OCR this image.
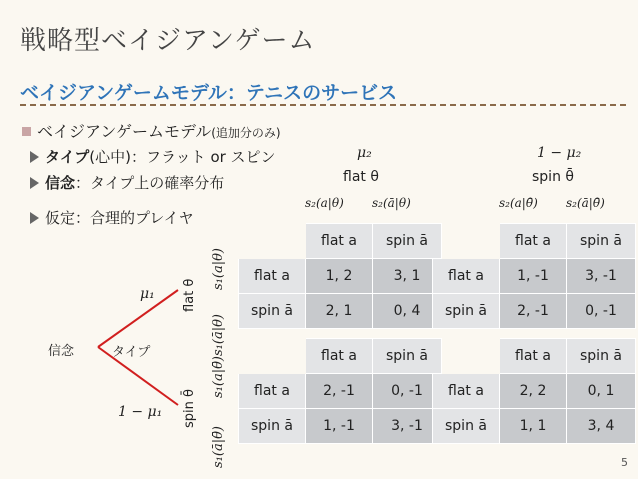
戦略型ベイジアンゲーム
ベイジアンゲームモデル：テニスのサービス
ベイジアンゲームモデル(追加分のみ)
タイプ (心中)：フラット or スピン
信念 ：タイプ上の確率分布
仮定：合理的プレイヤ
μ₂	1 − μ₂
flat θ	spin θ̄
s₂(a|θ) s₂(ā|θ)	s₂(a|θ̄) s₂(ā|θ̄)
s₁(a|θ)
s₁(ā|θ)
flat θ
s₁(a|θ̄)
s₁(ā|θ̄)
spin θ̄
信念	タイプ
μ₁
1 − μ₁
	flat a	spin ā
flat a	1, 2	3, 1
spin ā	2, 1	0, 4
	flat a	spin ā
flat a	1, -1	3, -1
spin ā	2, -1	0, -1
	flat a	spin ā
flat a	2, -1	0, -1
spin ā	1, -1	3, -1
	flat a	spin ā
flat a	2, 2	0, 1
spin ā	1, 1	3, 4
5
